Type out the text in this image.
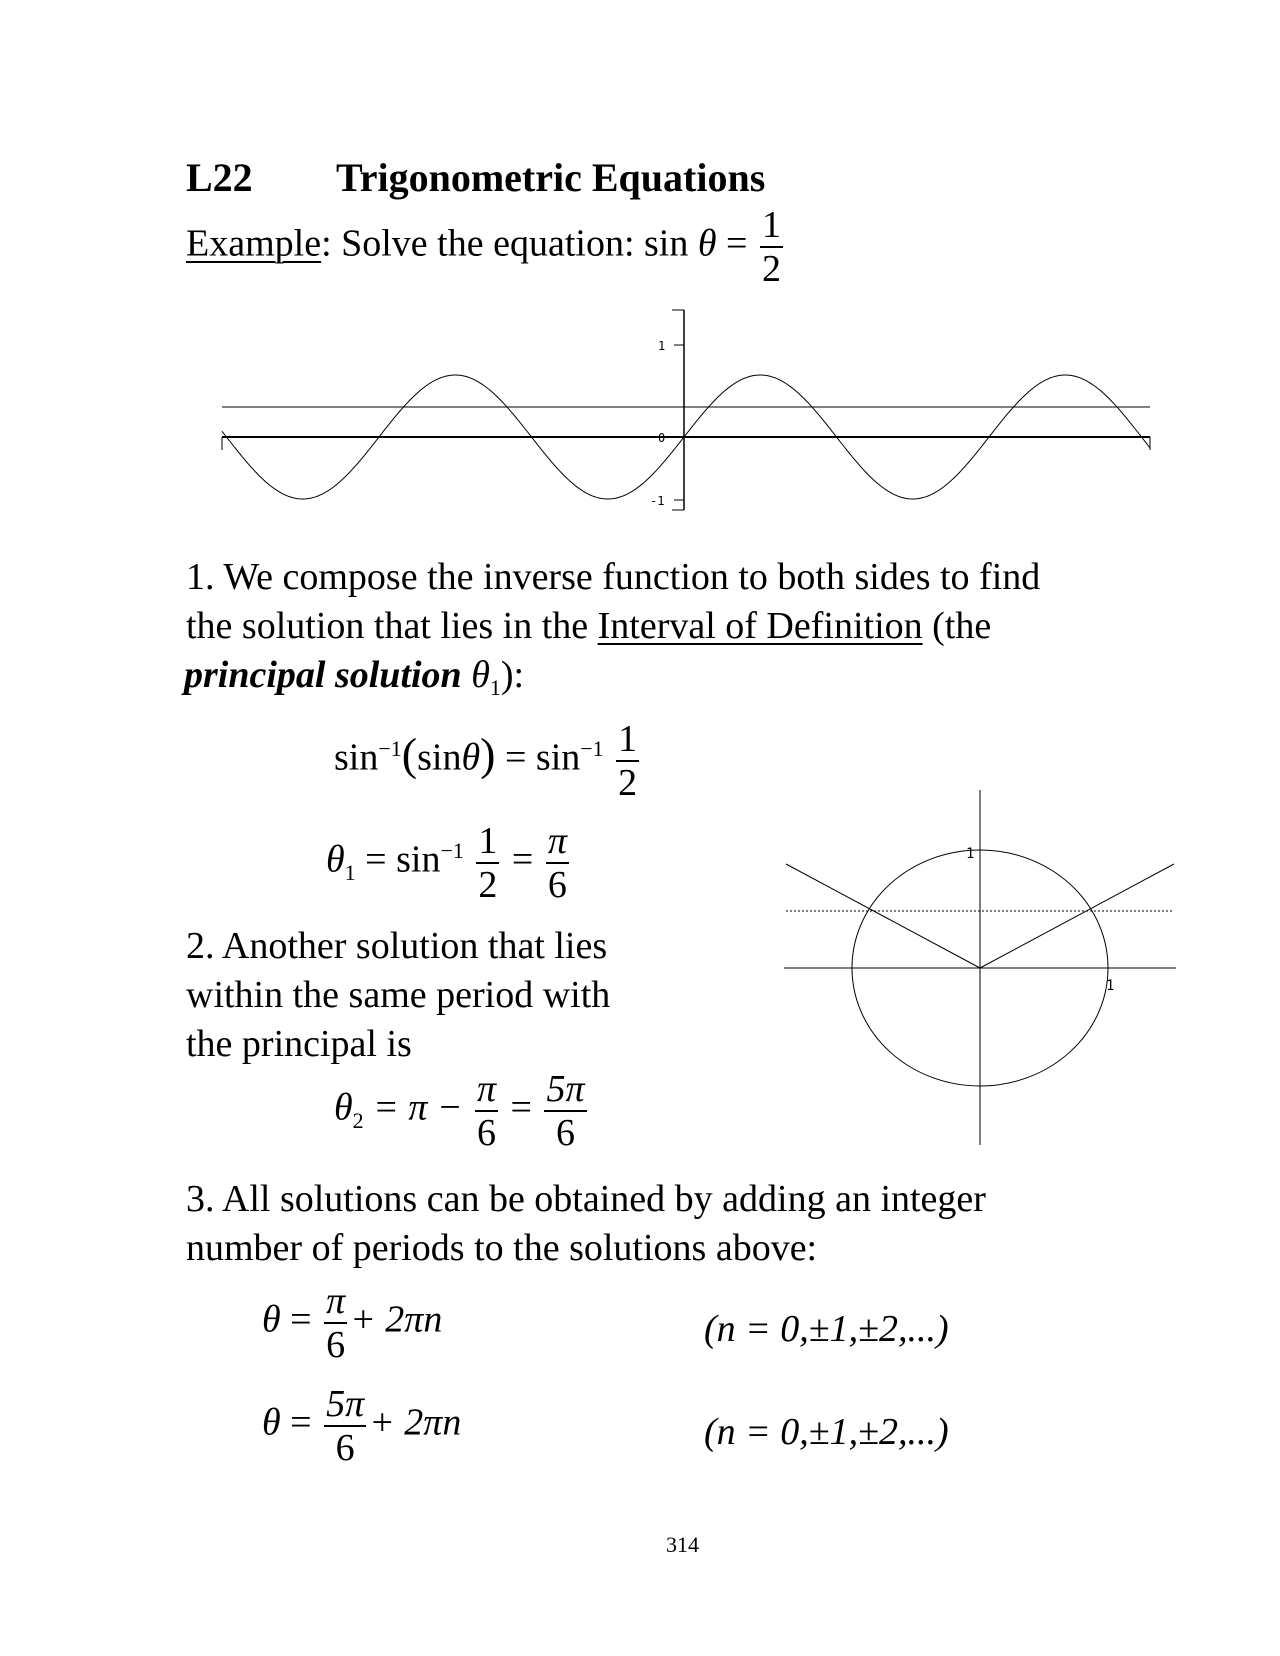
L22 Trigonometric Equations
Example: Solve the equation: $\sin \theta = \frac{1}{2}$
1
0
-1
1. We compose the inverse function to both sides to find
the solution that lies in the Interval of Definition (the
principal solution $\theta_1$):
$\sin^{-1}(\sin\theta) = \sin^{-1} \frac{1}{2}$
$\theta_1 = \sin^{-1} \frac{1}{2} = \frac{\pi}{6}$
2. Another solution that lies
within the same period with
the principal is
1
1
$\theta_2 = \pi - \frac{\pi}{6} = \frac{5\pi}{6}$
3. All solutions can be obtained by adding an integer
number of periods to the solutions above:
$\theta = \frac{\pi}{6} + 2\pi n$	(n = 0,±1,±2,...)
$\theta = \frac{5\pi}{6} + 2\pi n$	(n = 0,±1,±2,...)
314
